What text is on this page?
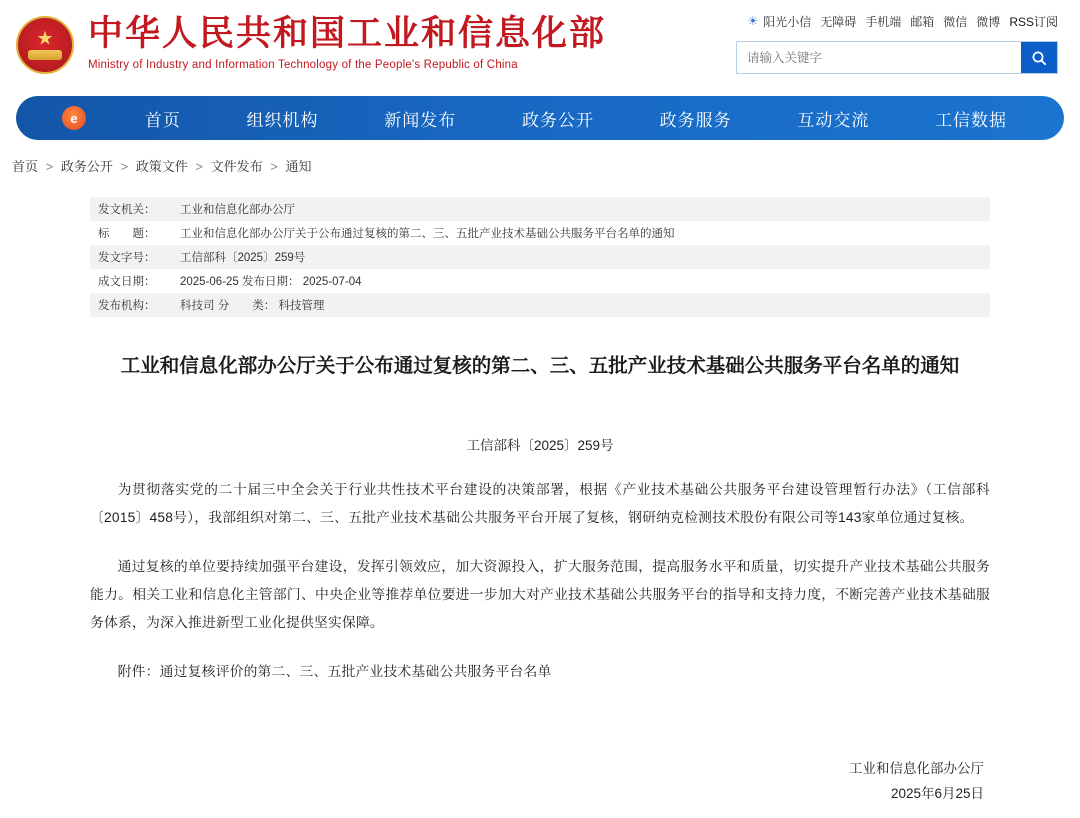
★ 中华人民共和国工业和信息化部
Ministry of Industry and Information Technology of the People's Republic of China
☀ 阳光小信 无障碍 手机端 邮箱 微信 微博 RSS订阅
请输入关键字
e	首页	组织机构	新闻发布	政务公开	政务服务	互动交流	工信数据
首页 > 政务公开 > 政策文件 > 文件发布 > 通知
发文机关：	工业和信息化部办公厅
标　　题：	工业和信息化部办公厅关于公布通过复核的第二、三、五批产业技术基础公共服务平台名单的通知
发文字号：	工信部科〔2025〕259号
成文日期：	2025-06-25 发布日期： 2025-07-04
发布机构：	科技司 分　　类： 科技管理
工业和信息化部办公厅关于公布通过复核的第二、三、五批产业技术基础公共服务平台名单的通知
工信部科〔2025〕259号
为贯彻落实党的二十届三中全会关于行业共性技术平台建设的决策部署，根据《产业技术基础公共服务平台建设管理暂行办法》（工信部科〔2015〕458号），我部组织对第二、三、五批产业技术基础公共服务平台开展了复核，钢研纳克检测技术股份有限公司等143家单位通过复核。
通过复核的单位要持续加强平台建设，发挥引领效应，加大资源投入，扩大服务范围，提高服务水平和质量，切实提升产业技术基础公共服务能力。相关工业和信息化主管部门、中央企业等推荐单位要进一步加大对产业技术基础公共服务平台的指导和支持力度，不断完善产业技术基础服务体系，为深入推进新型工业化提供坚实保障。
附件：通过复核评价的第二、三、五批产业技术基础公共服务平台名单
工业和信息化部办公厅
2025年6月25日
